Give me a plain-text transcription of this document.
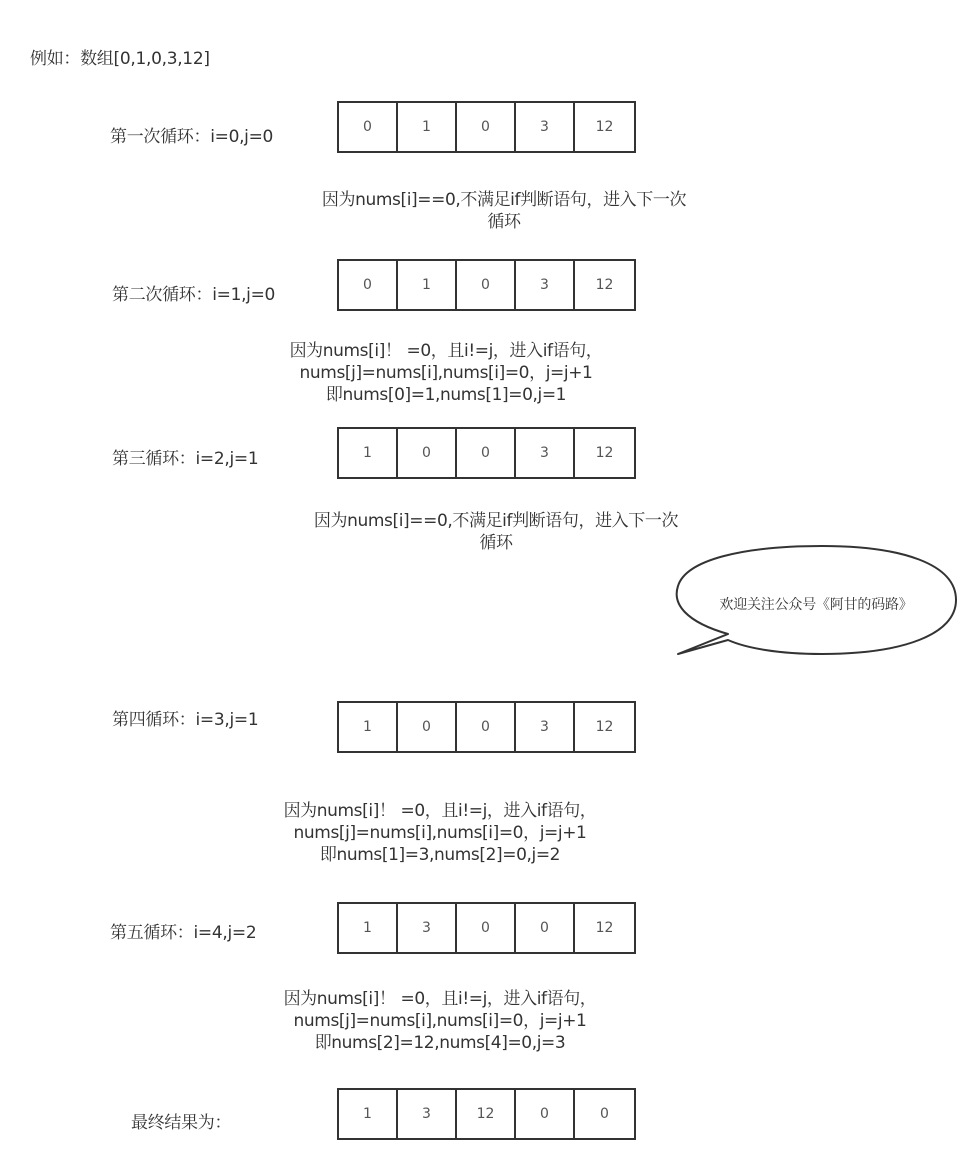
例如：数组[0,1,0,3,12]
第一次循环：i=0,j=0	0	1	0	3	12
因为nums[i]==0,不满足if判断语句，进入下一次
循环
第二次循环：i=1,j=0	0	1	0	3	12
因为nums[i]！ =0，且i!=j，进入if语句，
nums[j]=nums[i],nums[i]=0，j=j+1
即nums[0]=1,nums[1]=0,j=1
第三循环：i=2,j=1	1	0	0	3	12
因为nums[i]==0,不满足if判断语句，进入下一次
循环
欢迎关注公众号《阿甘的码路》
第四循环：i=3,j=1	1	0	0	3	12
因为nums[i]！ =0，且i!=j，进入if语句，
nums[j]=nums[i],nums[i]=0，j=j+1
即nums[1]=3,nums[2]=0,j=2
第五循环：i=4,j=2	1	3	0	0	12
因为nums[i]！ =0，且i!=j，进入if语句，
nums[j]=nums[i],nums[i]=0，j=j+1
即nums[2]=12,nums[4]=0,j=3
最终结果为：	1	3	12	0	0
